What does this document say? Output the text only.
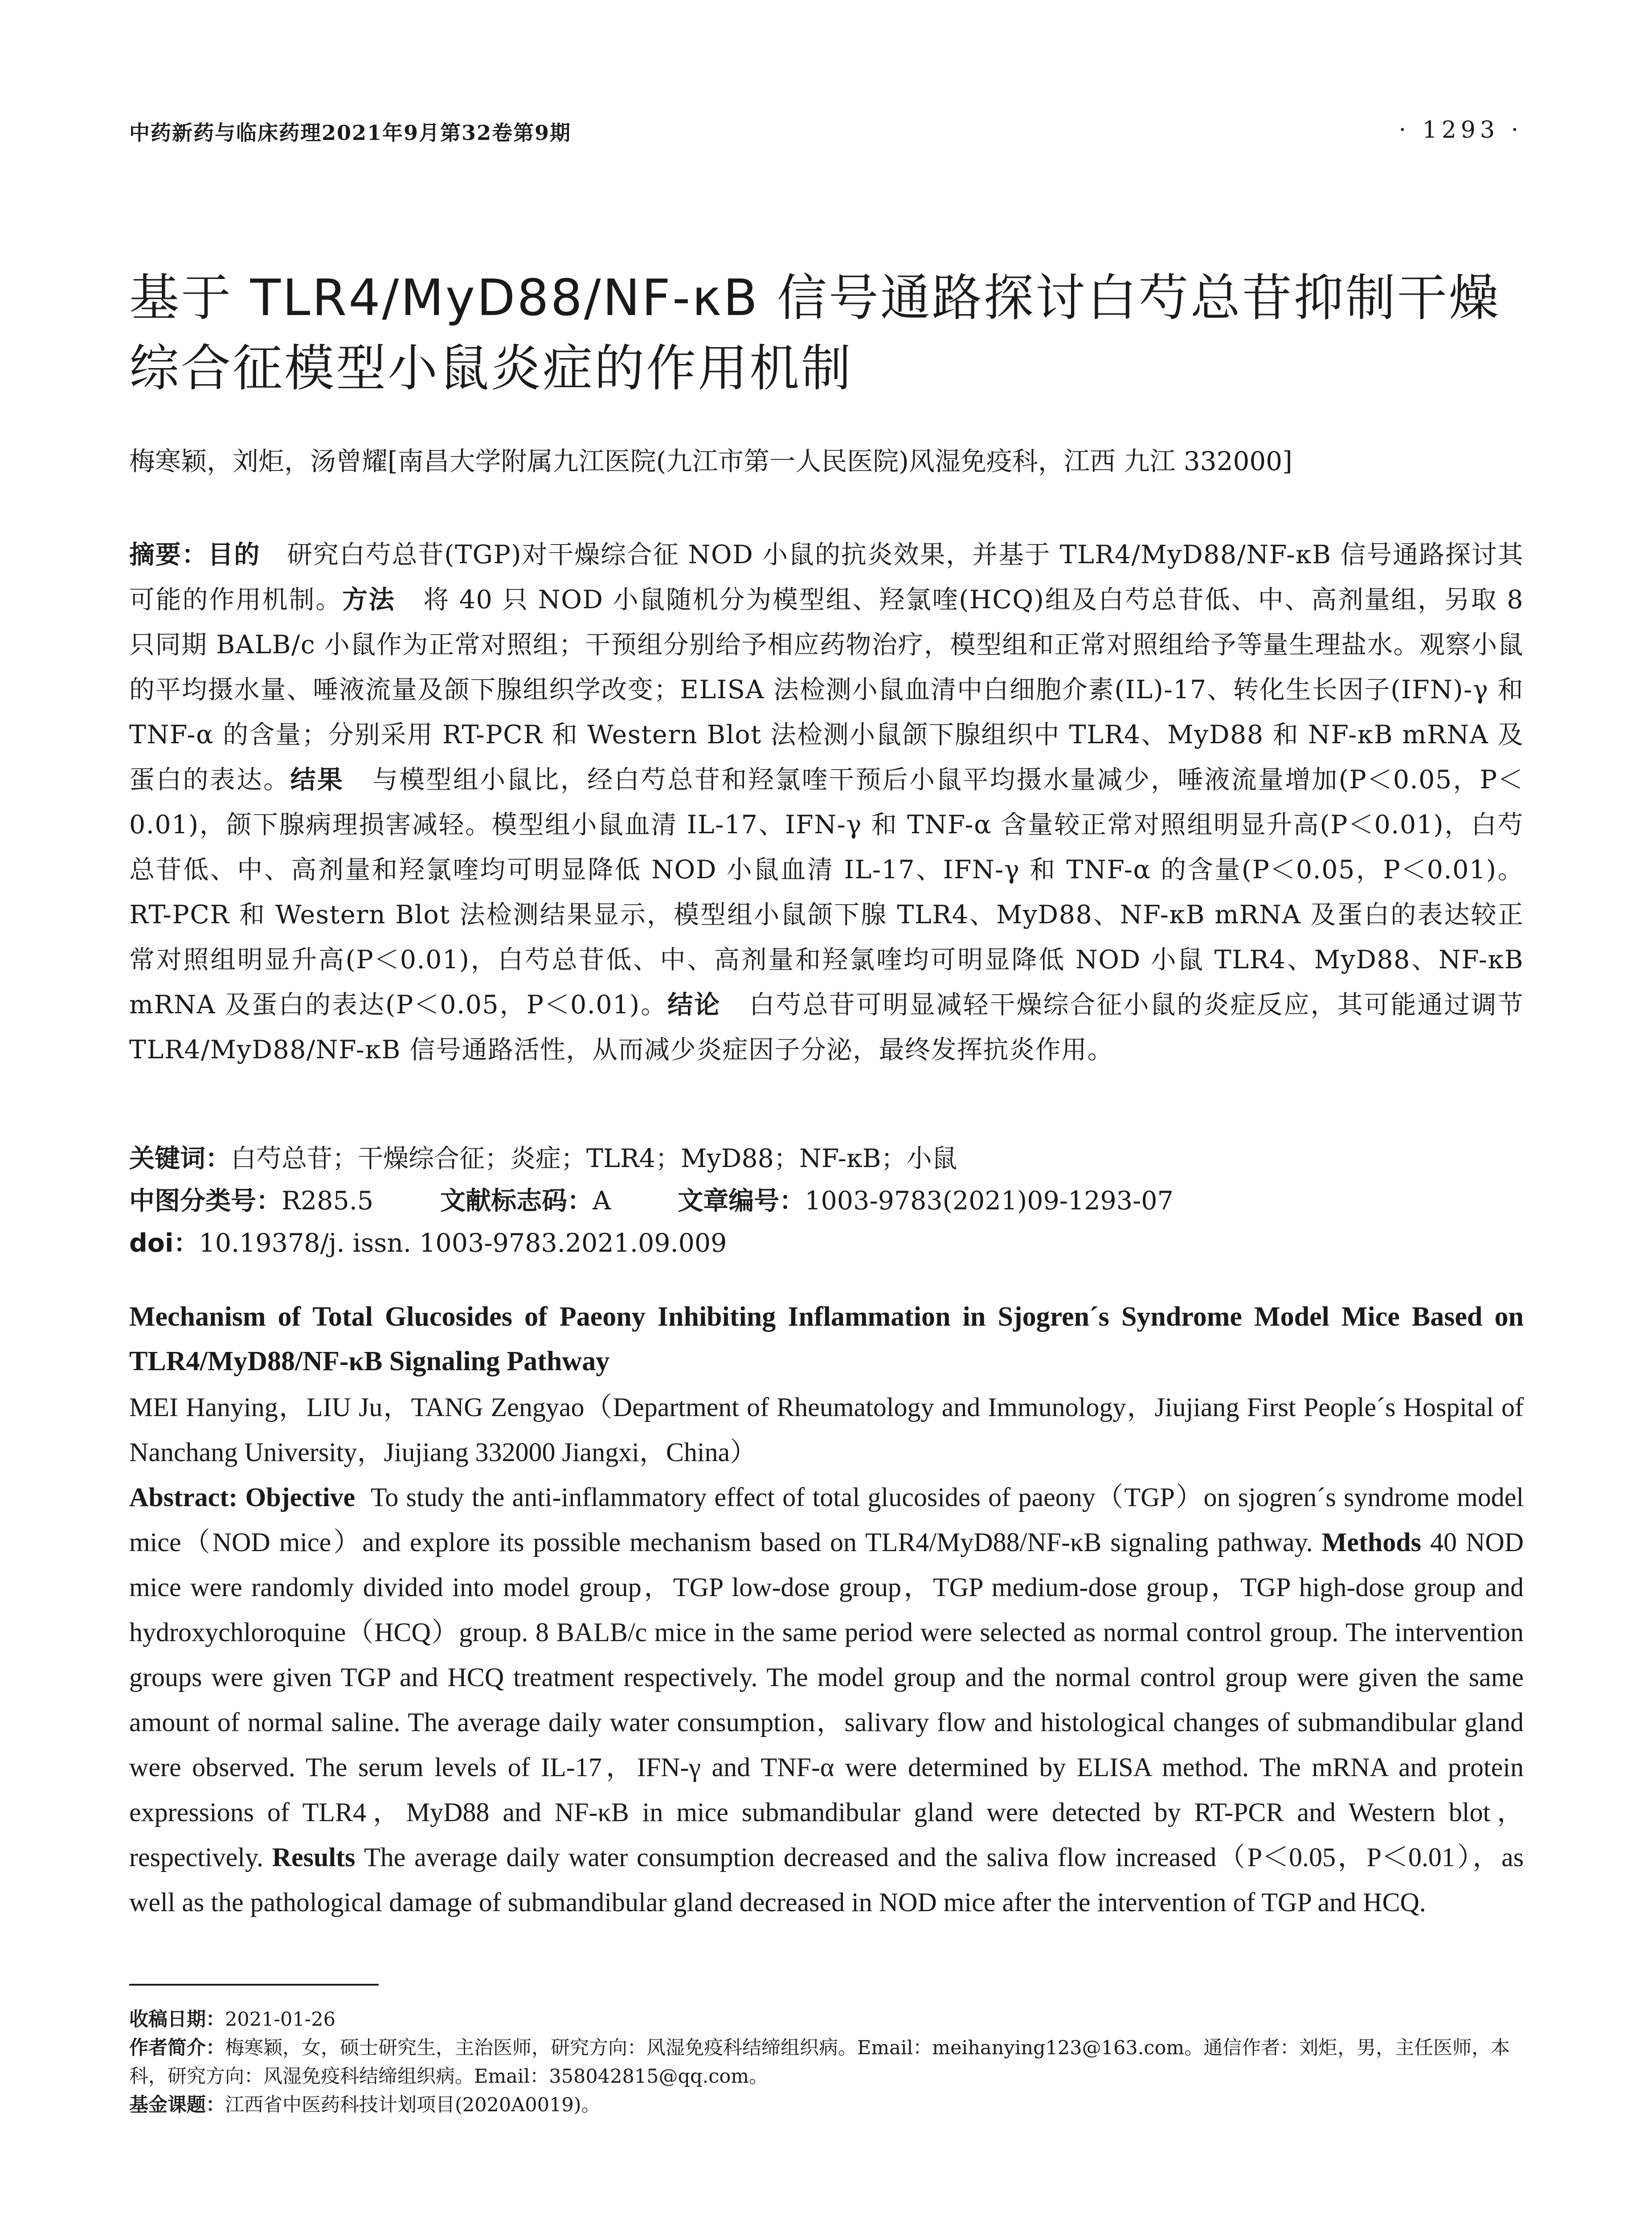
中药新药与临床药理2021年9月第32卷第9期	· 1293 ·
基于 TLR4/MyD88/NF-κB 信号通路探讨白芍总苷抑制干燥综合征模型小鼠炎症的作用机制
梅寒颖，刘炬，汤曾耀[南昌大学附属九江医院(九江市第一人民医院)风湿免疫科，江西 九江 332000]
摘要：目的 研究白芍总苷(TGP)对干燥综合征 NOD 小鼠的抗炎效果，并基于 TLR4/MyD88/NF-κB 信号通路探讨其可能的作用机制。方法 将 40 只 NOD 小鼠随机分为模型组、羟氯喹(HCQ)组及白芍总苷低、中、高剂量组，另取 8 只同期 BALB/c 小鼠作为正常对照组；干预组分别给予相应药物治疗，模型组和正常对照组给予等量生理盐水。观察小鼠的平均摄水量、唾液流量及颌下腺组织学改变；ELISA 法检测小鼠血清中白细胞介素(IL)-17、转化生长因子(IFN)-γ 和 TNF-α 的含量；分别采用 RT-PCR 和 Western Blot 法检测小鼠颌下腺组织中 TLR4、MyD88 和 NF-κB mRNA 及蛋白的表达。结果 与模型组小鼠比，经白芍总苷和羟氯喹干预后小鼠平均摄水量减少，唾液流量增加(P＜0.05，P＜0.01)，颌下腺病理损害减轻。模型组小鼠血清 IL-17、IFN-γ 和 TNF-α 含量较正常对照组明显升高(P＜0.01)，白芍总苷低、中、高剂量和羟氯喹均可明显降低 NOD 小鼠血清 IL-17、IFN-γ 和 TNF-α 的含量(P＜0.05，P＜0.01)。RT-PCR 和 Western Blot 法检测结果显示，模型组小鼠颌下腺 TLR4、MyD88、NF-κB mRNA 及蛋白的表达较正常对照组明显升高(P＜0.01)，白芍总苷低、中、高剂量和羟氯喹均可明显降低 NOD 小鼠 TLR4、MyD88、NF-κB mRNA 及蛋白的表达(P＜0.05，P＜0.01)。结论 白芍总苷可明显减轻干燥综合征小鼠的炎症反应，其可能通过调节 TLR4/MyD88/NF-κB 信号通路活性，从而减少炎症因子分泌，最终发挥抗炎作用。
关键词：白芍总苷；干燥综合征；炎症；TLR4；MyD88；NF-κB；小鼠
中图分类号：R285.5	文献标志码：A	文章编号：1003-9783(2021)09-1293-07
doi：10.19378/j. issn. 1003-9783.2021.09.009
Mechanism of Total Glucosides of Paeony Inhibiting Inflammation in Sjogren´s Syndrome Model Mice Based on TLR4/MyD88/NF-κB Signaling Pathway
MEI Hanying，LIU Ju，TANG Zengyao（Department of Rheumatology and Immunology，Jiujiang First People´s Hospital of Nanchang University，Jiujiang 332000 Jiangxi，China）
Abstract: Objective To study the anti-inflammatory effect of total glucosides of paeony（TGP）on sjogren´s syndrome model mice（NOD mice）and explore its possible mechanism based on TLR4/MyD88/NF-κB signaling pathway. Methods 40 NOD mice were randomly divided into model group，TGP low-dose group，TGP medium-dose group，TGP high-dose group and hydroxychloroquine（HCQ）group. 8 BALB/c mice in the same period were selected as normal control group. The intervention groups were given TGP and HCQ treatment respectively. The model group and the normal control group were given the same amount of normal saline. The average daily water consumption，salivary flow and histological changes of submandibular gland were observed. The serum levels of IL-17，IFN-γ and TNF-α were determined by ELISA method. The mRNA and protein expressions of TLR4，MyD88 and NF-κB in mice submandibular gland were detected by RT-PCR and Western blot，respectively. Results The average daily water consumption decreased and the saliva flow increased（P＜0.05，P＜0.01），as well as the pathological damage of submandibular gland decreased in NOD mice after the intervention of TGP and HCQ.

收稿日期：2021-01-26

作者简介：梅寒颖，女，硕士研究生，主治医师，研究方向：风湿免疫科结缔组织病。Email：meihanying123@163.com。通信作者：刘炬，男，主任医师，本科，研究方向：风湿免疫科结缔组织病。Email：358042815@qq.com。

基金课题：江西省中医药科技计划项目(2020A0019)。
